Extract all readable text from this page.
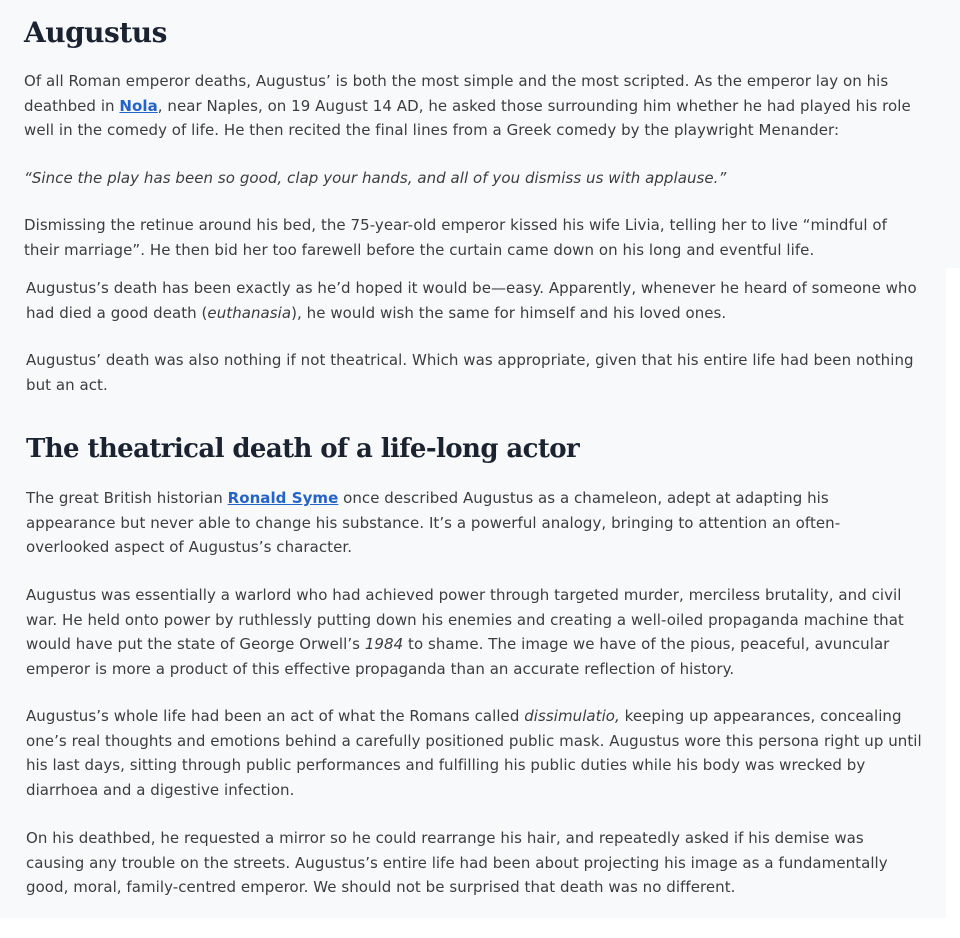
Augustus

Of all Roman emperor deaths, Augustus’ is both the most simple and the most scripted. As the emperor lay on his deathbed in Nola, near Naples, on 19 August 14 AD, he asked those surrounding him whether he had played his role well in the comedy of life. He then recited the final lines from a Greek comedy by the playwright Menander:

“Since the play has been so good, clap your hands, and all of you dismiss us with applause.”

Dismissing the retinue around his bed, the 75-year-old emperor kissed his wife Livia, telling her to live “mindful of their marriage”. He then bid her too farewell before the curtain came down on his long and eventful life.

Augustus’s death has been exactly as he’d hoped it would be—easy. Apparently, whenever he heard of someone who had died a good death (euthanasia), he would wish the same for himself and his loved ones.

Augustus’ death was also nothing if not theatrical. Which was appropriate, given that his entire life had been nothing but an act.

The theatrical death of a life-long actor

The great British historian Ronald Syme once described Augustus as a chameleon, adept at adapting his appearance but never able to change his substance. It’s a powerful analogy, bringing to attention an often-overlooked aspect of Augustus’s character.

Augustus was essentially a warlord who had achieved power through targeted murder, merciless brutality, and civil war. He held onto power by ruthlessly putting down his enemies and creating a well-oiled propaganda machine that would have put the state of George Orwell’s 1984 to shame. The image we have of the pious, peaceful, avuncular emperor is more a product of this effective propaganda than an accurate reflection of history.

Augustus’s whole life had been an act of what the Romans called dissimulatio, keeping up appearances, concealing one’s real thoughts and emotions behind a carefully positioned public mask. Augustus wore this persona right up until his last days, sitting through public performances and fulfilling his public duties while his body was wrecked by diarrhoea and a digestive infection.

On his deathbed, he requested a mirror so he could rearrange his hair, and repeatedly asked if his demise was causing any trouble on the streets. Augustus’s entire life had been about projecting his image as a fundamentally good, moral, family-centred emperor. We should not be surprised that death was no different.
